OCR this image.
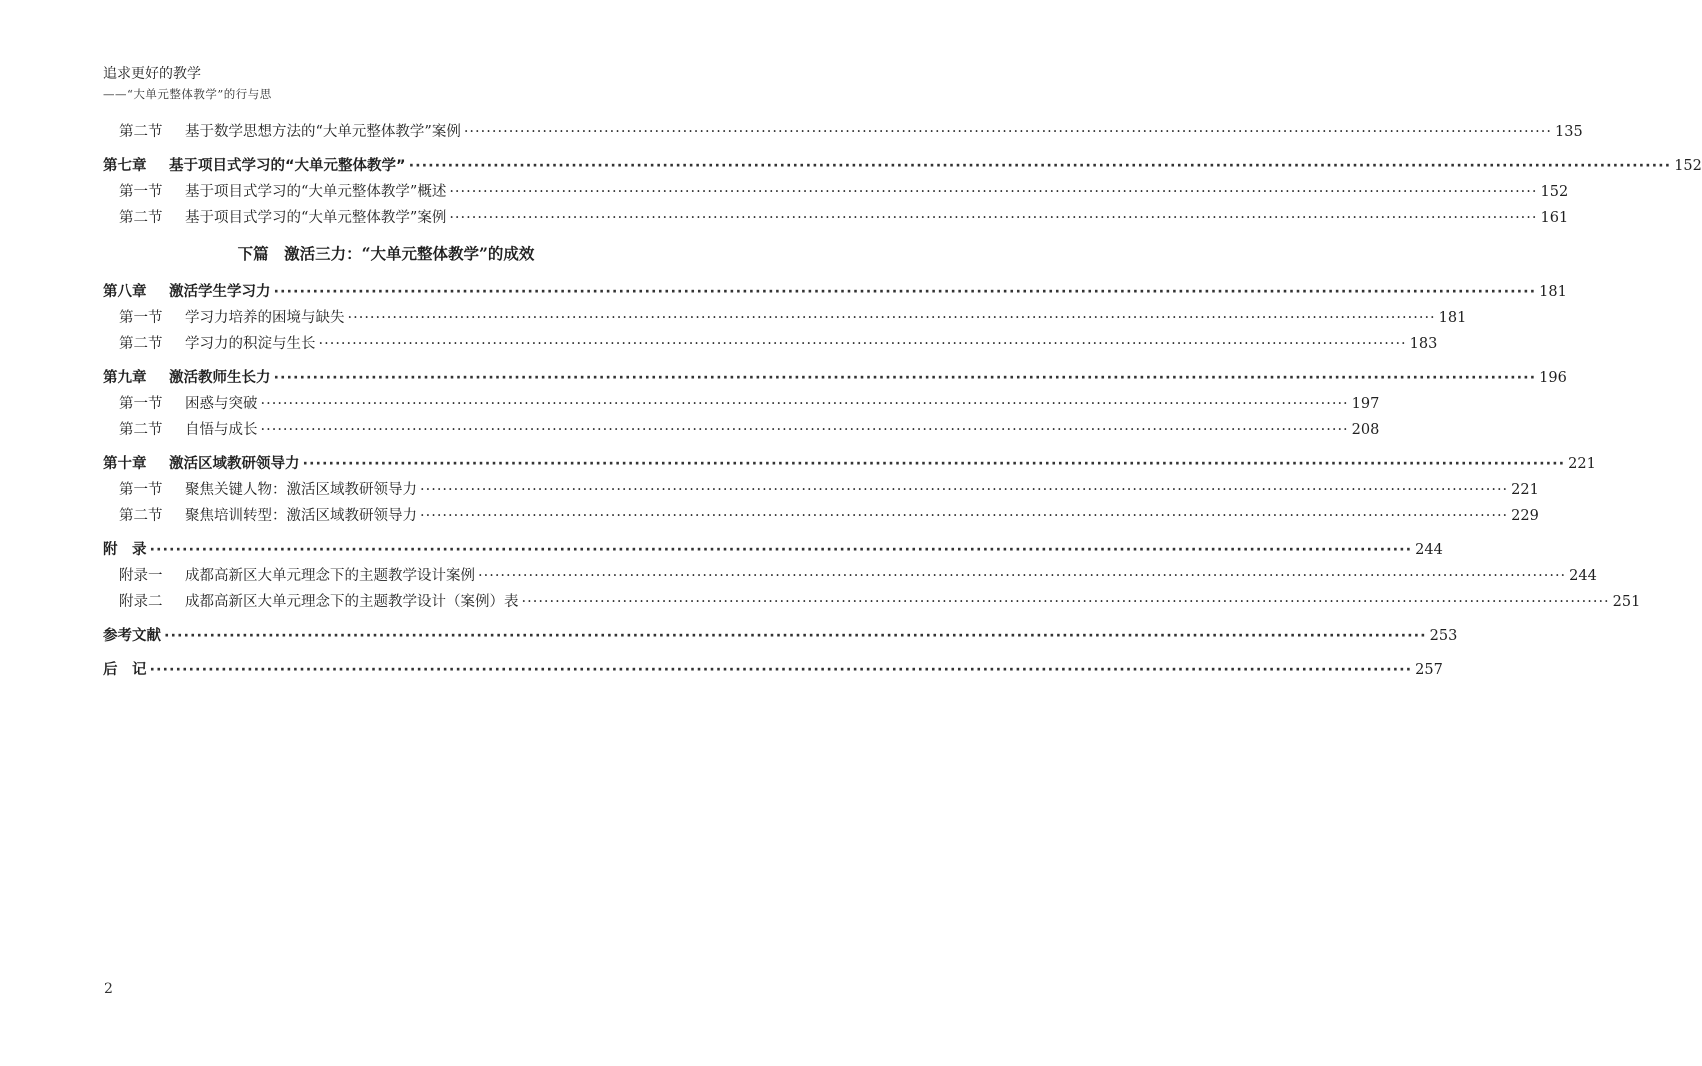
追求更好的教学
——“大单元整体教学”的行与思
第二节	基于数学思想方法的“大单元整体教学”案例 ·····	135
第七章	基于项目式学习的“大单元整体教学” ·····	152
第一节	基于项目式学习的“大单元整体教学”概述 ·····	152
第二节	基于项目式学习的“大单元整体教学”案例 ·····	161
下篇　激活三力：“大单元整体教学”的成效
第八章	激活学生学习力 ·····	181
第一节	学习力培养的困境与缺失 ·····	181
第二节	学习力的积淀与生长 ·····	183
第九章	激活教师生长力 ·····	196
第一节	困惑与突破 ·····	197
第二节	自悟与成长 ·····	208
第十章	激活区域教研领导力 ·····	221
第一节	聚焦关键人物：激活区域教研领导力 ·····	221
第二节	聚焦培训转型：激活区域教研领导力 ·····	229
附　录 ·····	244
附录一	成都高新区大单元理念下的主题教学设计案例 ·····	244
附录二	成都高新区大单元理念下的主题教学设计（案例）表 ·····	251
参考文献 ·····	253
后　记 ·····	257
2
